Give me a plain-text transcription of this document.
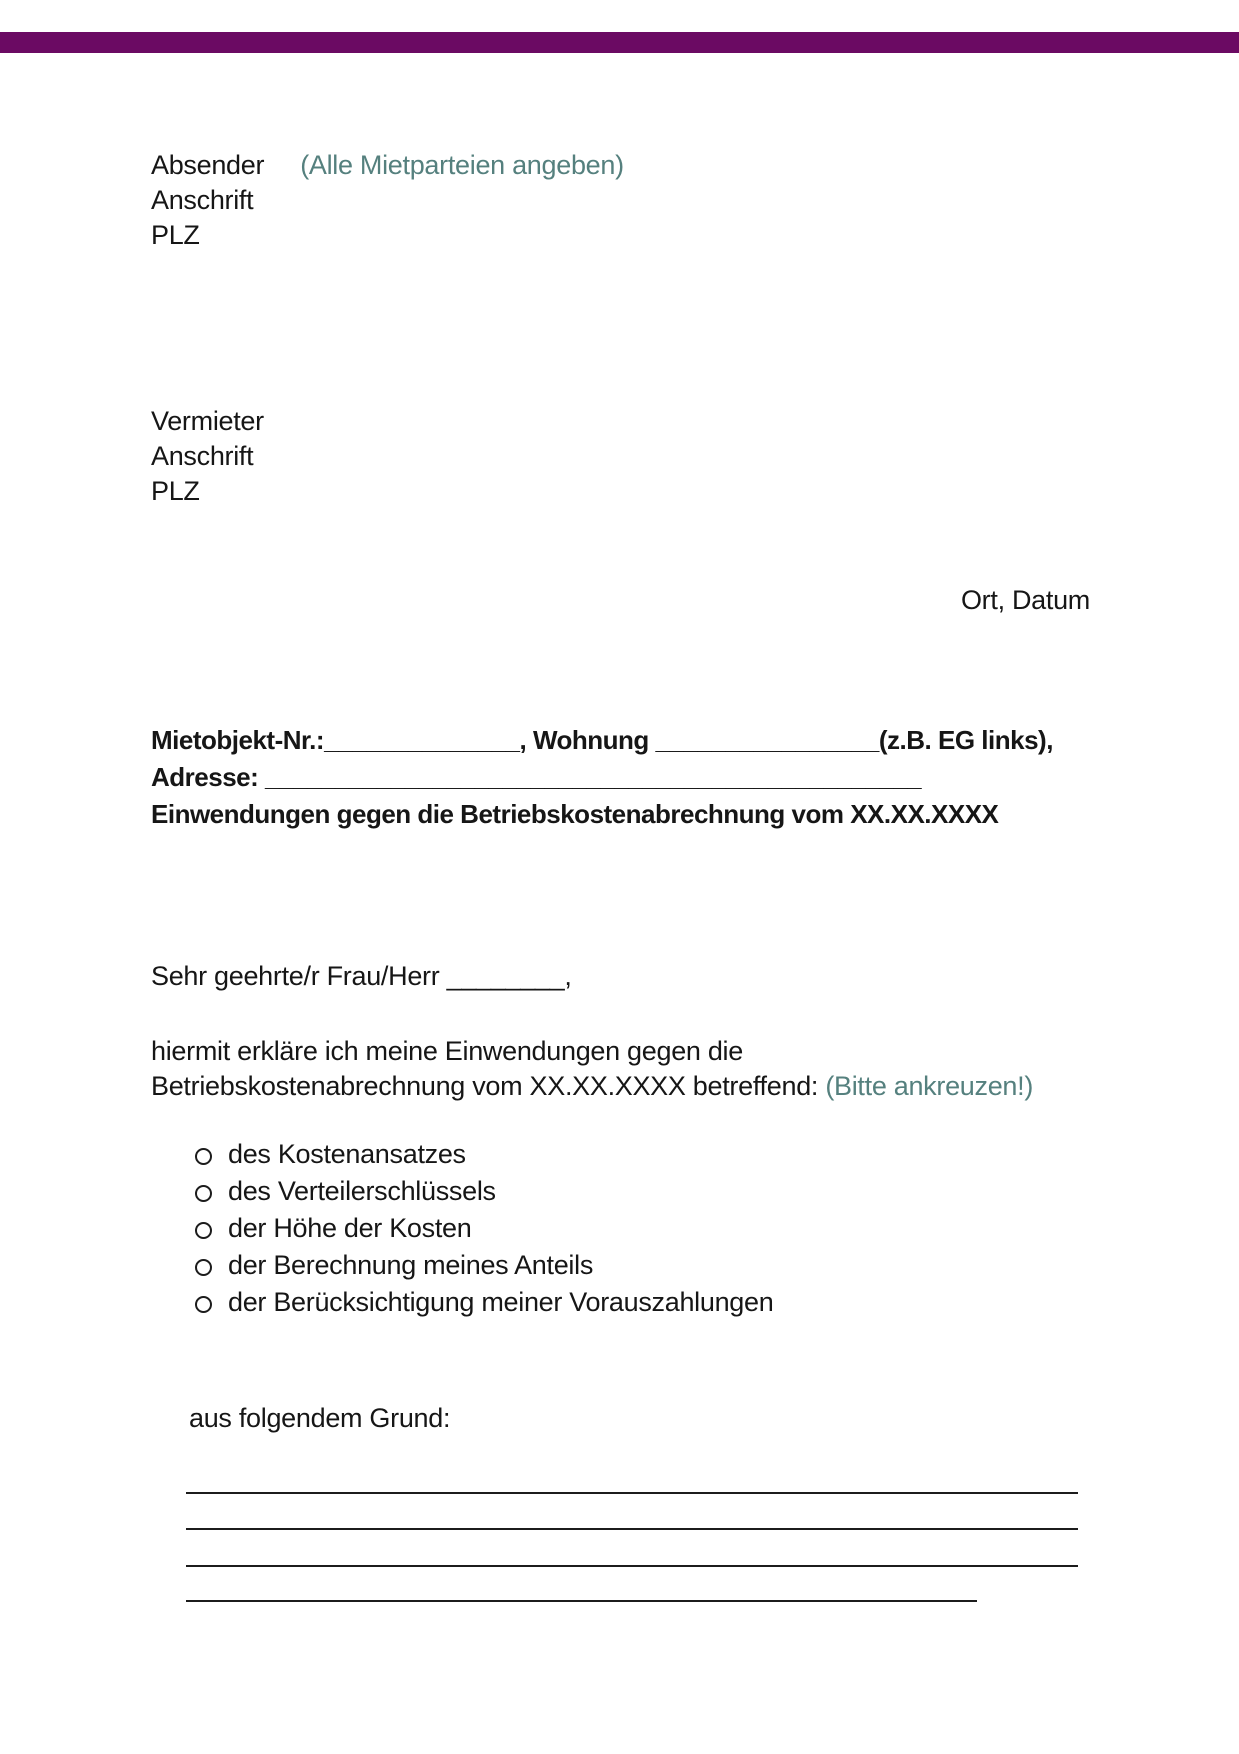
Absender (Alle Mietparteien angeben)
Anschrift
PLZ
Vermieter
Anschrift
PLZ
Ort, Datum
Mietobjekt-Nr.:______________, Wohnung ________________(z.B. EG links),
Adresse: _______________________________________________
Einwendungen gegen die Betriebskostenabrechnung vom XX.XX.XXXX
Sehr geehrte/r Frau/Herr ________,
hiermit erkläre ich meine Einwendungen gegen die
Betriebskostenabrechnung vom XX.XX.XXXX betreffend: (Bitte ankreuzen!)
des Kostenansatzes
des Verteilerschlüssels
der Höhe der Kosten
der Berechnung meines Anteils
der Berücksichtigung meiner Vorauszahlungen
aus folgendem Grund:
